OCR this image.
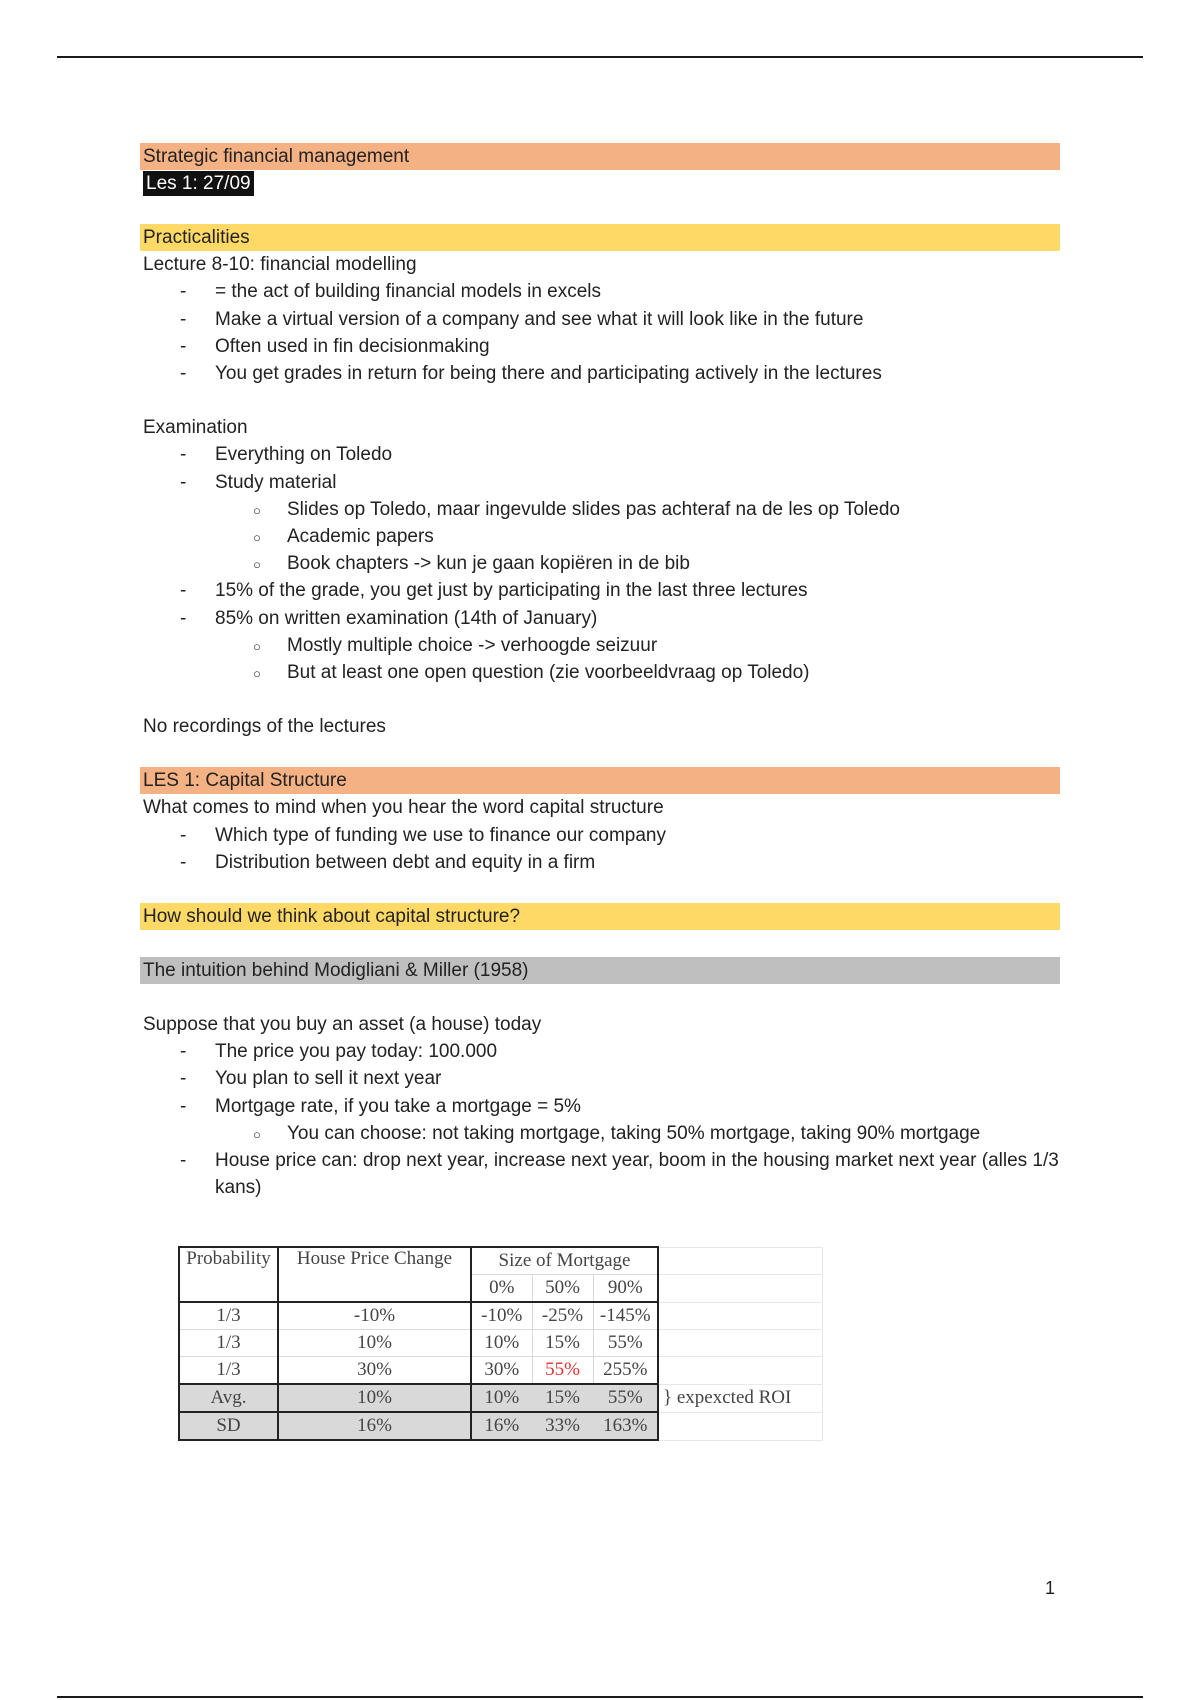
Strategic financial management
Les 1: 27/09
Practicalities
Lecture 8-10: financial modelling
- = the act of building financial models in excels
- Make a virtual version of a company and see what it will look like in the future
- Often used in fin decisionmaking
- You get grades in return for being there and participating actively in the lectures
Examination
- Everything on Toledo
- Study material
○ Slides op Toledo, maar ingevulde slides pas achteraf na de les op Toledo
○ Academic papers
○ Book chapters -> kun je gaan kopiëren in de bib
- 15% of the grade, you get just by participating in the last three lectures
- 85% on written examination (14th of January)
○ Mostly multiple choice -> verhoogde seizuur
○ But at least one open question (zie voorbeeldvraag op Toledo)
No recordings of the lectures
LES 1: Capital Structure
What comes to mind when you hear the word capital structure
- Which type of funding we use to finance our company
- Distribution between debt and equity in a firm
How should we think about capital structure?
The intuition behind Modigliani & Miller (1958)
Suppose that you buy an asset (a house) today
- The price you pay today: 100.000
- You plan to sell it next year
- Mortgage rate, if you take a mortgage = 5%
○ You can choose: not taking mortgage, taking 50% mortgage, taking 90% mortgage
- House price can: drop next year, increase next year, boom in the housing market next year (alles 1/3 kans)
Probability	House Price Change	Size of Mortgage			
		0%	50%	90%	
1/3	-10%	-10%	-25%	-145%	
1/3	10%	10%	15%	55%	
1/3	30%	30%	55%	255%	
Avg.	10%	10%	15%	55%	} expexcted ROI
SD	16%	16%	33%	163%	
1
